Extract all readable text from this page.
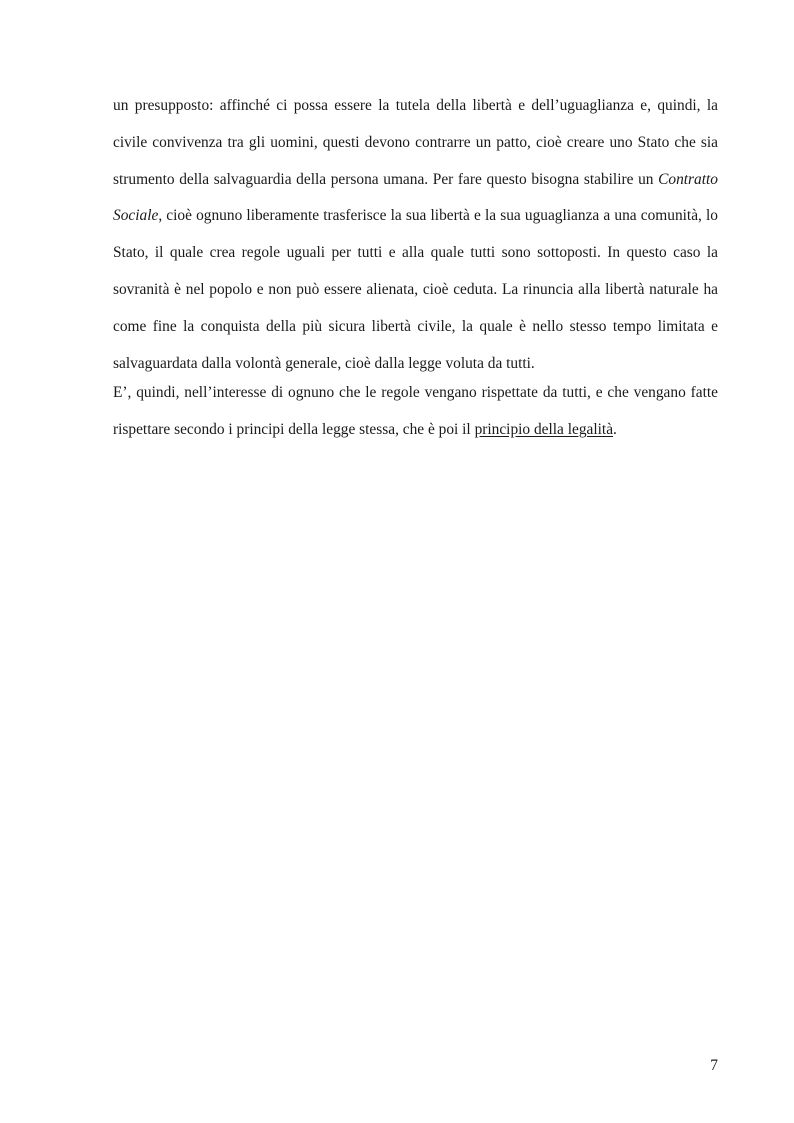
un presupposto: affinché ci possa essere la tutela della libertà e dell’uguaglianza e, quindi, la civile convivenza tra gli uomini, questi devono contrarre un patto, cioè creare uno Stato che sia strumento della salvaguardia della persona umana. Per fare questo bisogna stabilire un Contratto Sociale, cioè ognuno liberamente trasferisce la sua libertà e la sua uguaglianza a una comunità, lo Stato, il quale crea regole uguali per tutti e alla quale tutti sono sottoposti. In questo caso la sovranità è nel popolo e non può essere alienata, cioè ceduta. La rinuncia alla libertà naturale ha come fine la conquista della più sicura libertà civile, la quale è nello stesso tempo limitata e salvaguardata dalla volontà generale, cioè dalla legge voluta da tutti.

E’, quindi, nell’interesse di ognuno che le regole vengano rispettate da tutti, e che vengano fatte rispettare secondo i principi della legge stessa, che è poi il principio della legalità.

7
